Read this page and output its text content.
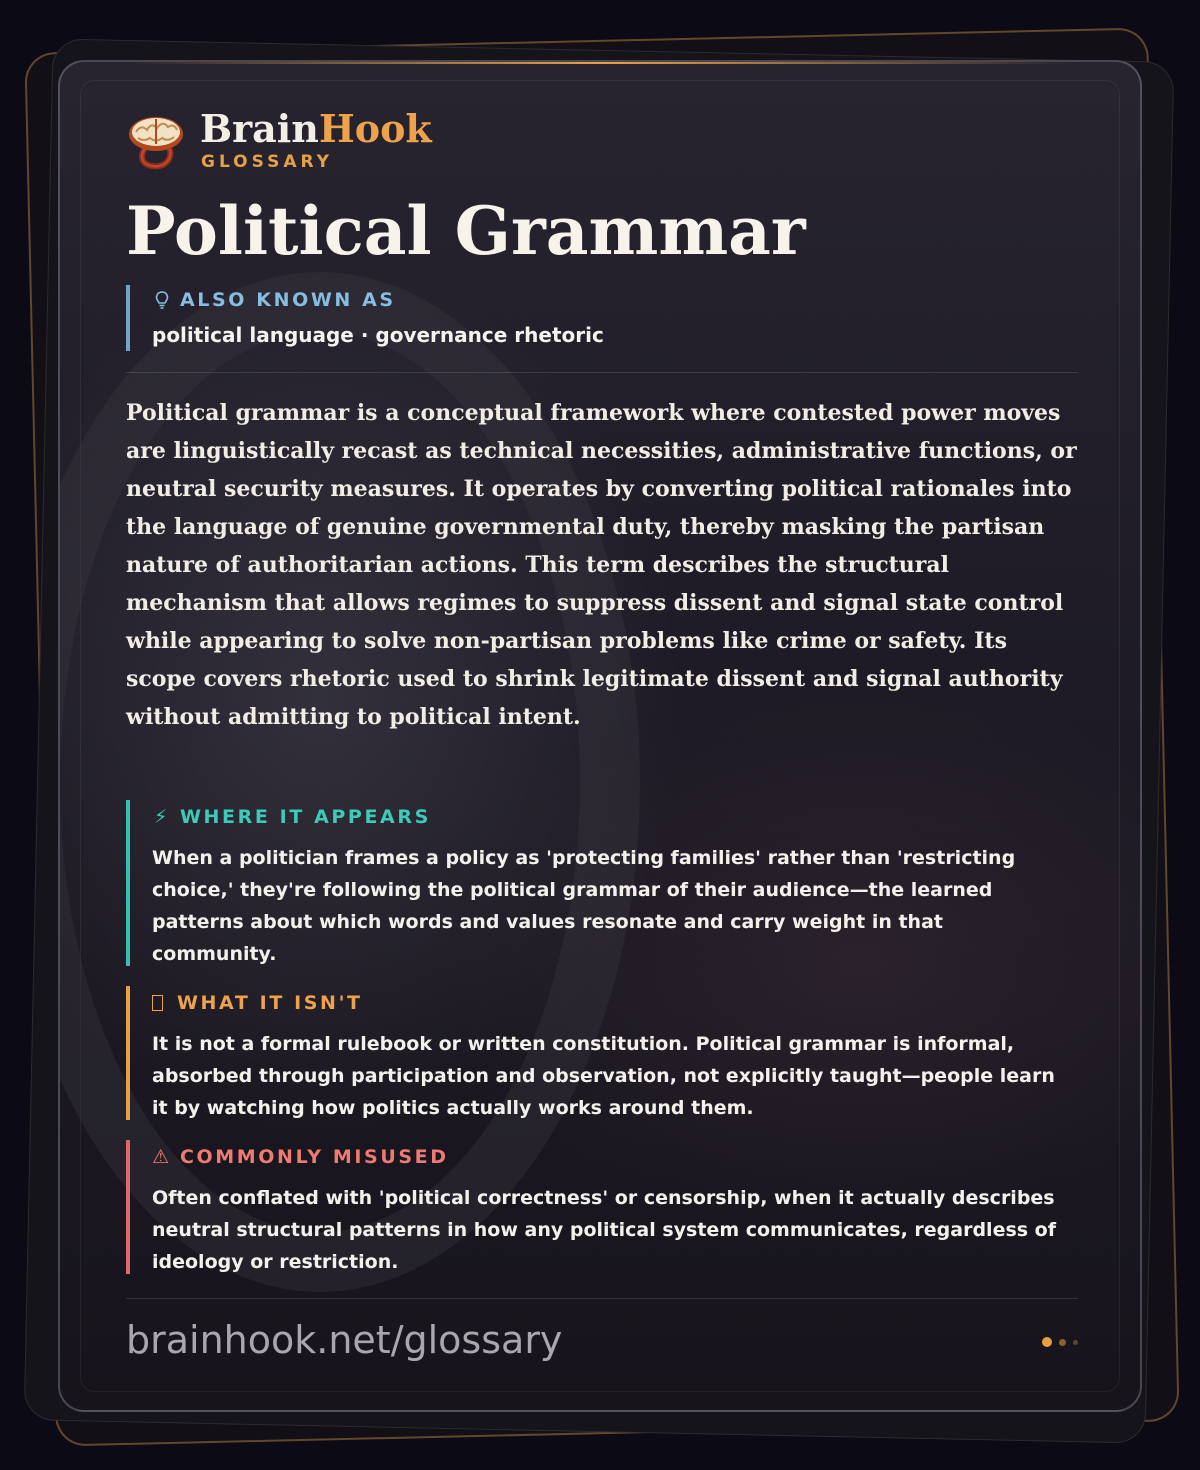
BrainHook
GLOSSARY
Political Grammar
ALSO KNOWN AS
political language · governance rhetoric

Political grammar is a conceptual framework where contested power moves are linguistically recast as technical necessities, administrative functions, or neutral security measures. It operates by converting political rationales into the language of genuine governmental duty, thereby masking the partisan nature of authoritarian actions. This term describes the structural mechanism that allows regimes to suppress dissent and signal state control while appearing to solve non-partisan problems like crime or safety. Its scope covers rhetoric used to shrink legitimate dissent and signal authority without admitting to political intent.

⚡ WHERE IT APPEARS
When a politician frames a policy as 'protecting families' rather than 'restricting choice,' they're following the political grammar of their audience—the learned patterns about which words and values resonate and carry weight in that community.
WHAT IT ISN'T
It is not a formal rulebook or written constitution. Political grammar is informal, absorbed through participation and observation, not explicitly taught—people learn it by watching how politics actually works around them.
⚠ COMMONLY MISUSED
Often conflated with 'political correctness' or censorship, when it actually describes neutral structural patterns in how any political system communicates, regardless of ideology or restriction.
brainhook.net/glossary
